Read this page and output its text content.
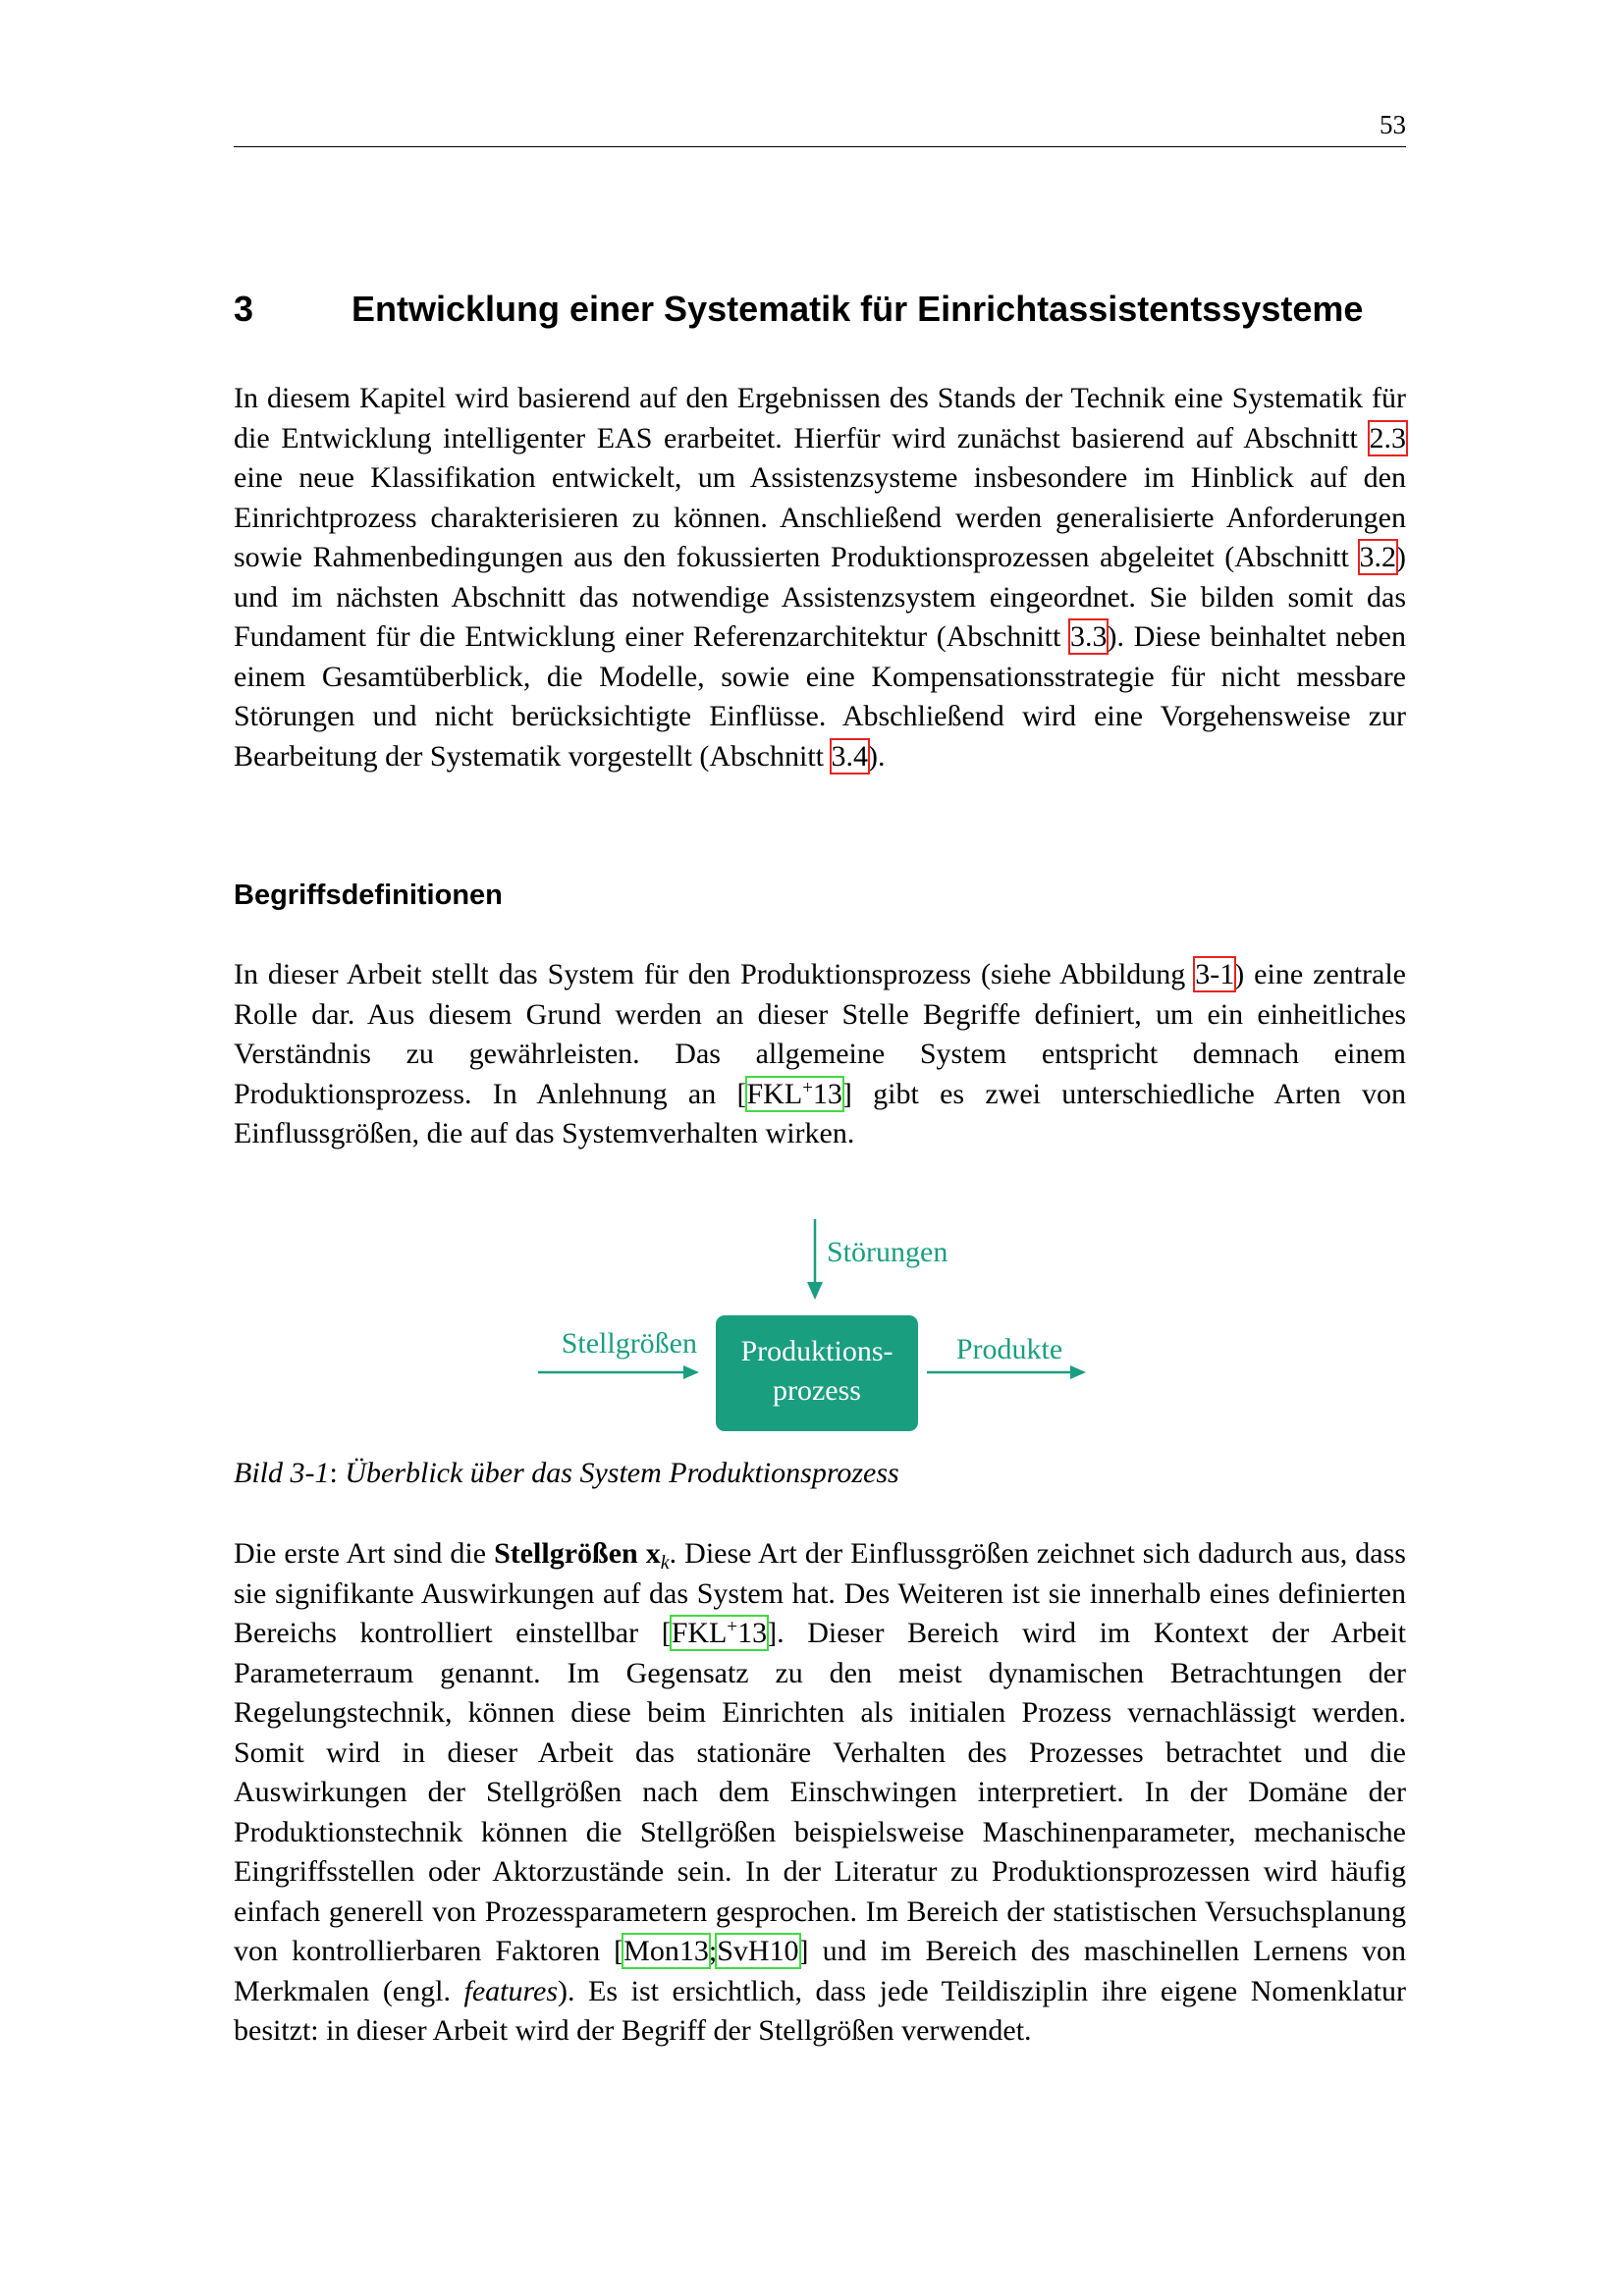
53
3	Entwicklung einer Systematik für Einrichtassistentssysteme

In diesem Kapitel wird basierend auf den Ergebnissen des Stands der Technik eine Systematik für die Entwicklung intelligenter EAS erarbeitet. Hierfür wird zunächst basierend auf Abschnitt 2.3 eine neue Klassifikation entwickelt, um Assistenzsysteme insbesondere im Hinblick auf den Einrichtprozess charakterisieren zu können. Anschließend werden generalisierte Anforderungen sowie Rahmenbedingungen aus den fokussierten Produktionsprozessen abgeleitet (Abschnitt 3.2) und im nächsten Abschnitt das notwendige Assistenzsystem eingeordnet. Sie bilden somit das Fundament für die Entwicklung einer Referenzarchitektur (Abschnitt 3.3). Diese beinhaltet neben einem Gesamtüberblick, die Modelle, sowie eine Kompensationsstrategie für nicht messbare Störungen und nicht berücksichtigte Einflüsse. Abschließend wird eine Vorgehensweise zur Bearbeitung der Systematik vorgestellt (Abschnitt 3.4).

Begriffsdefinitionen

In dieser Arbeit stellt das System für den Produktionsprozess (siehe Abbildung 3-1) eine zentrale Rolle dar. Aus diesem Grund werden an dieser Stelle Begriffe definiert, um ein einheitliches Verständnis zu gewährleisten. Das allgemeine System entspricht demnach einem Produktionsprozess. In Anlehnung an [FKL+13] gibt es zwei unterschiedliche Arten von Einflussgrößen, die auf das Systemverhalten wirken.

Störungen
Stellgrößen	Produkte
Produktions-
prozess

Bild 3-1: Überblick über das System Produktionsprozess

Die erste Art sind die Stellgrößen $x_k$. Diese Art der Einflussgrößen zeichnet sich dadurch aus, dass sie signifikante Auswirkungen auf das System hat. Des Weiteren ist sie innerhalb eines definierten Bereichs kontrolliert einstellbar [FKL+13]. Dieser Bereich wird im Kontext der Arbeit Parameterraum genannt. Im Gegensatz zu den meist dynamischen Betrachtungen der Regelungstechnik, können diese beim Einrichten als initialen Prozess vernachlässigt werden. Somit wird in dieser Arbeit das stationäre Verhalten des Prozesses betrachtet und die Auswirkungen der Stellgrößen nach dem Einschwingen interpretiert. In der Domäne der Produktionstechnik können die Stellgrößen beispielsweise Maschinenparameter, mechanische Eingriffsstellen oder Aktorzustände sein. In der Literatur zu Produktionsprozessen wird häufig einfach generell von Prozessparametern gesprochen. Im Bereich der statistischen Versuchsplanung von kontrollierbaren Faktoren [Mon13;SvH10] und im Bereich des maschinellen Lernens von Merkmalen (engl. features). Es ist ersichtlich, dass jede Teildisziplin ihre eigene Nomenklatur besitzt: in dieser Arbeit wird der Begriff der Stellgrößen verwendet.
